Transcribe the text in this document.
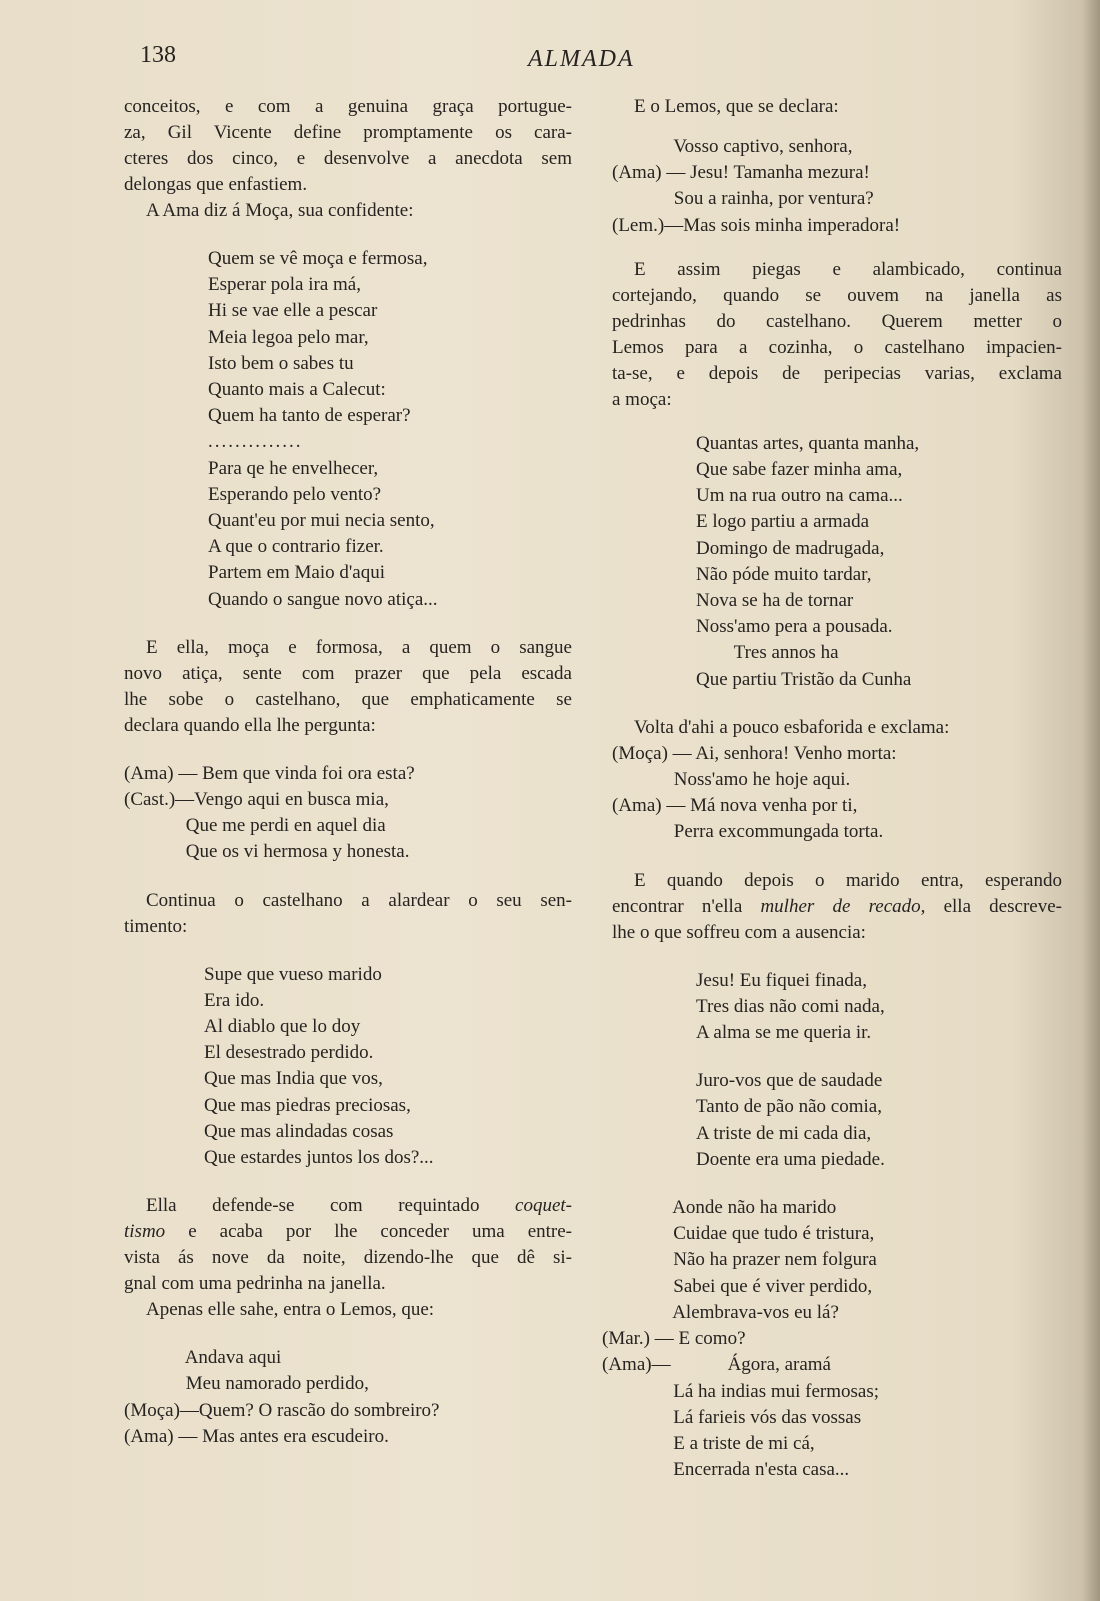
138	ALMADA
conceitos, e com a genuina graça portugue-
za, Gil Vicente define promptamente os cara-
cteres dos cinco, e desenvolve a anecdota sem
delongas que enfastiem.
A Ama diz á Moça, sua confidente:
Quem se vê moça e fermosa,
Esperar pola ira má,
Hi se vae elle a pescar
Meia legoa pelo mar,
Isto bem o sabes tu
Quanto mais a Calecut:
Quem ha tanto de esperar?
..............
Para qe he envelhecer,
Esperando pelo vento?
Quant'eu por mui necia sento,
A que o contrario fizer.
Partem em Maio d'aqui
Quando o sangue novo atiça...
E ella, moça e formosa, a quem o sangue
novo atiça, sente com prazer que pela escada
lhe sobe o castelhano, que emphaticamente se
declara quando ella lhe pergunta:
(Ama) — Bem que vinda foi ora esta?
(Cast.)—Vengo aqui en busca mia,
Que me perdi en aquel dia
Que os vi hermosa y honesta.
Continua o castelhano a alardear o seu sen-
timento:
Supe que vueso marido
Era ido.
Al diablo que lo doy
El desestrado perdido.
Que mas India que vos,
Que mas piedras preciosas,
Que mas alindadas cosas
Que estardes juntos los dos?...
Ella defende-se com requintado coquet-
tismo e acaba por lhe conceder uma entre-
vista ás nove da noite, dizendo-lhe que dê si-
gnal com uma pedrinha na janella.
Apenas elle sahe, entra o Lemos, que:
Andava aqui
Meu namorado perdido,
(Moça)—Quem? O rascão do sombreiro?
(Ama) — Mas antes era escudeiro.
E o Lemos, que se declara:
Vosso captivo, senhora,
(Ama) — Jesu! Tamanha mezura!
Sou a rainha, por ventura?
(Lem.)—Mas sois minha imperadora!
E assim piegas e alambicado, continua
cortejando, quando se ouvem na janella as
pedrinhas do castelhano. Querem metter o
Lemos para a cozinha, o castelhano impacien-
ta-se, e depois de peripecias varias, exclama
a moça:
Quantas artes, quanta manha,
Que sabe fazer minha ama,
Um na rua outro na cama...
E logo partiu a armada
Domingo de madrugada,
Não póde muito tardar,
Nova se ha de tornar
Noss'amo pera a pousada.
Tres annos ha
Que partiu Tristão da Cunha
Volta d'ahi a pouco esbaforida e exclama:
(Moça) — Ai, senhora! Venho morta:
Noss'amo he hoje aqui.
(Ama) — Má nova venha por ti,
Perra excommungada torta.
E quando depois o marido entra, esperando
encontrar n'ella mulher de recado, ella descreve-
lhe o que soffreu com a ausencia:
Jesu! Eu fiquei finada,
Tres dias não comi nada,
A alma se me queria ir.
Juro-vos que de saudade
Tanto de pão não comia,
A triste de mi cada dia,
Doente era uma piedade.
Aonde não ha marido
Cuidae que tudo é tristura,
Não ha prazer nem folgura
Sabei que é viver perdido,
Alembrava-vos eu lá?
(Mar.) — E como?
(Ama)—            Ágora, aramá
Lá ha indias mui fermosas;
Lá farieis vós das vossas
E a triste de mi cá,
Encerrada n'esta casa...
